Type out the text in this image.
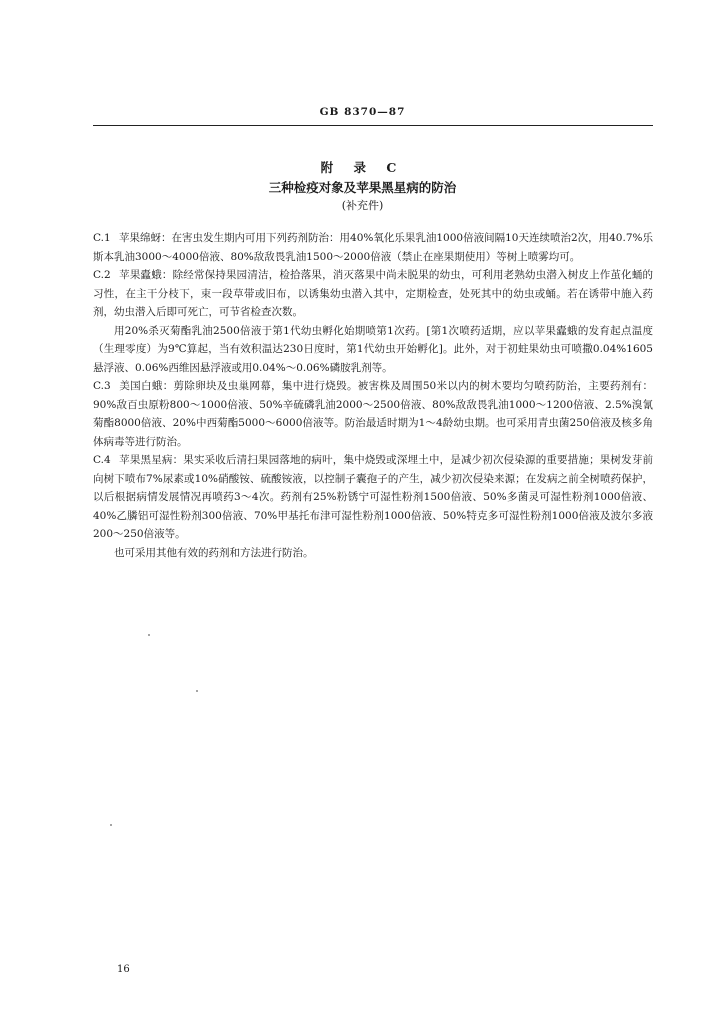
GB 8370—87
附 录 C
三种检疫对象及苹果黑星病的防治
(补充件)

C.1 苹果绵蚜：在害虫发生期内可用下列药剂防治：用40%氧化乐果乳油1000倍液间隔10天连续喷治2次，用40.7%乐斯本乳油3000～4000倍液、80%敌敌畏乳油1500～2000倍液（禁止在座果期使用）等树上喷雾均可。

C.2 苹果蠹蛾：除经常保持果园清洁，检拾落果，消灭落果中尚未脱果的幼虫，可利用老熟幼虫潜入树皮上作茧化蛹的习性，在主干分枝下，束一段草带或旧布，以诱集幼虫潜入其中，定期检查，处死其中的幼虫或蛹。若在诱带中施入药剂，幼虫潜入后即可死亡，可节省检查次数。

用20%杀灭菊酯乳油2500倍液于第1代幼虫孵化始期喷第1次药。[第1次喷药适期，应以苹果蠹蛾的发育起点温度（生理零度）为9℃算起，当有效积温达230日度时，第1代幼虫开始孵化]。此外，对于初蛀果幼虫可喷撒0.04%1605悬浮液、0.06%西维因悬浮液或用0.04%～0.06%磷胺乳剂等。

C.3 美国白蛾：剪除卵块及虫巢网幕，集中进行烧毁。被害株及周围50米以内的树木要均匀喷药防治，主要药剂有：90%敌百虫原粉800～1000倍液、50%辛硫磷乳油2000～2500倍液、80%敌敌畏乳油1000～1200倍液、2.5%溴氰菊酯8000倍液、20%中西菊酯5000～6000倍液等。防治最适时期为1～4龄幼虫期。也可采用青虫菌250倍液及核多角体病毒等进行防治。

C.4 苹果黑星病：果实采收后清扫果园落地的病叶，集中烧毁或深埋土中，是减少初次侵染源的重要措施；果树发芽前向树下喷布7%尿素或10%硝酸铵、硫酸铵液，以控制子囊孢子的产生，减少初次侵染来源；在发病之前全树喷药保护，以后根据病情发展情况再喷药3～4次。药剂有25%粉锈宁可湿性粉剂1500倍液、50%多菌灵可湿性粉剂1000倍液、40%乙膦铝可湿性粉剂300倍液、70%甲基托布津可湿性粉剂1000倍液、50%特克多可湿性粉剂1000倍液及波尔多液200～250倍液等。

也可采用其他有效的药剂和方法进行防治。

16
